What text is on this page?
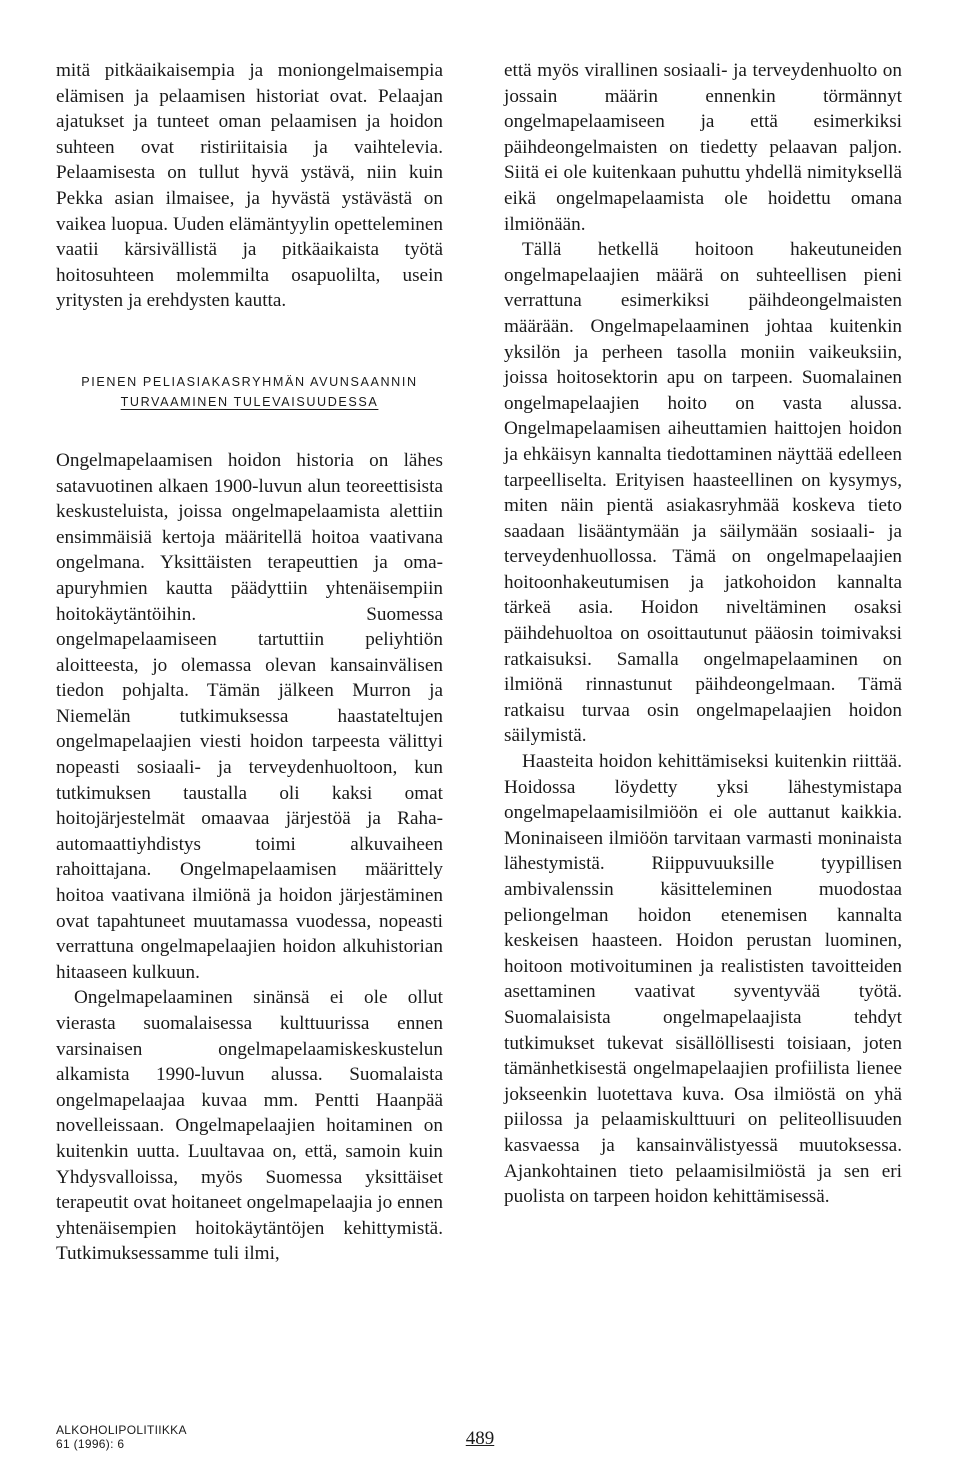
mitä pitkäaikaisempia ja moniongelmaisempia elämisen ja pelaamisen historiat ovat. Pelaajan ajatukset ja tunteet oman pelaamisen ja hoidon suhteen ovat ristiriitaisia ja vaihtelevia. Pelaamisesta on tullut hyvä ystävä, niin kuin Pekka asian ilmaisee, ja hyvästä ystävästä on vaikea luopua. Uuden elämäntyylin opetteleminen vaatii kärsivällistä ja pitkäaikaista työtä hoitosuhteen molemmilta osapuolilta, usein yritysten ja erehdysten kautta.

PIENEN PELIASIAKASRYHMÄN AVUNSAANNIN
TURVAAMINEN TULEVAISUUDESSA

Ongelmapelaamisen hoidon historia on lähes satavuotinen alkaen 1900-luvun alun teoreettisista keskusteluista, joissa ongelmapelaamista alettiin ensimmäisiä kertoja määritellä hoitoa vaativana ongelmana. Yksittäisten terapeuttien ja oma-apuryhmien kautta päädyttiin yhtenäisempiin hoitokäytäntöihin. Suomessa ongelmapelaamiseen tartuttiin peliyhtiön aloitteesta, jo olemassa olevan kansainvälisen tiedon pohjalta. Tämän jälkeen Murron ja Niemelän tutkimuksessa haastateltujen ongelmapelaajien viesti hoidon tarpeesta välittyi nopeasti sosiaali- ja terveydenhuoltoon, kun tutkimuksen taustalla oli kaksi omat hoitojärjestelmät omaavaa järjestöä ja Raha-automaattiyhdistys toimi alkuvaiheen rahoittajana. Ongelmapelaamisen määrittely hoitoa vaativana ilmiönä ja hoidon järjestäminen ovat tapahtuneet muutamassa vuodessa, nopeasti verrattuna ongelmapelaajien hoidon alkuhistorian hitaaseen kulkuun.

Ongelmapelaaminen sinänsä ei ole ollut vierasta suomalaisessa kulttuurissa ennen varsinaisen ongelmapelaamiskeskustelun alkamista 1990-luvun alussa. Suomalaista ongelmapelaajaa kuvaa mm. Pentti Haanpää novelleissaan. Ongelmapelaajien hoitaminen on kuitenkin uutta. Luultavaa on, että, samoin kuin Yhdysvalloissa, myös Suomessa yksittäiset terapeutit ovat hoitaneet ongelmapelaajia jo ennen yhtenäisempien hoitokäytäntöjen kehittymistä. Tutkimuksessamme tuli ilmi,

että myös virallinen sosiaali- ja terveydenhuolto on jossain määrin ennenkin törmännyt ongelmapelaamiseen ja että esimerkiksi päihdeongelmaisten on tiedetty pelaavan paljon. Siitä ei ole kuitenkaan puhuttu yhdellä nimityksellä eikä ongelmapelaamista ole hoidettu omana ilmiönään.

Tällä hetkellä hoitoon hakeutuneiden ongelmapelaajien määrä on suhteellisen pieni verrattuna esimerkiksi päihdeongelmaisten määrään. Ongelmapelaaminen johtaa kuitenkin yksilön ja perheen tasolla moniin vaikeuksiin, joissa hoitosektorin apu on tarpeen. Suomalainen ongelmapelaajien hoito on vasta alussa. Ongelmapelaamisen aiheuttamien haittojen hoidon ja ehkäisyn kannalta tiedottaminen näyttää edelleen tarpeelliselta. Erityisen haasteellinen on kysymys, miten näin pientä asiakasryhmää koskeva tieto saadaan lisääntymään ja säilymään sosiaali- ja terveydenhuollossa. Tämä on ongelmapelaajien hoitoonhakeutumisen ja jatkohoidon kannalta tärkeä asia. Hoidon niveltäminen osaksi päihdehuoltoa on osoittautunut pääosin toimivaksi ratkaisuksi. Samalla ongelmapelaaminen on ilmiönä rinnastunut päihdeongelmaan. Tämä ratkaisu turvaa osin ongelmapelaajien hoidon säilymistä.

Haasteita hoidon kehittämiseksi kuitenkin riittää. Hoidossa löydetty yksi lähestymistapa ongelmapelaamisilmiöön ei ole auttanut kaikkia. Moninaiseen ilmiöön tarvitaan varmasti moninaista lähestymistä. Riippuvuuksille tyypillisen ambivalenssin käsitteleminen muodostaa peliongelman hoidon etenemisen kannalta keskeisen haasteen. Hoidon perustan luominen, hoitoon motivoituminen ja realististen tavoitteiden asettaminen vaativat syventyvää työtä. Suomalaisista ongelmapelaajista tehdyt tutkimukset tukevat sisällöllisesti toisiaan, joten tämänhetkisestä ongelmapelaajien profiilista lienee jokseenkin luotettava kuva. Osa ilmiöstä on yhä piilossa ja pelaamiskulttuuri on peliteollisuuden kasvaessa ja kansainvälistyessä muutoksessa. Ajankohtainen tieto pelaamisilmiöstä ja sen eri puolista on tarpeen hoidon kehittämisessä.

ALKOHOLIPOLITIIKKA
61 (1996): 6	489
